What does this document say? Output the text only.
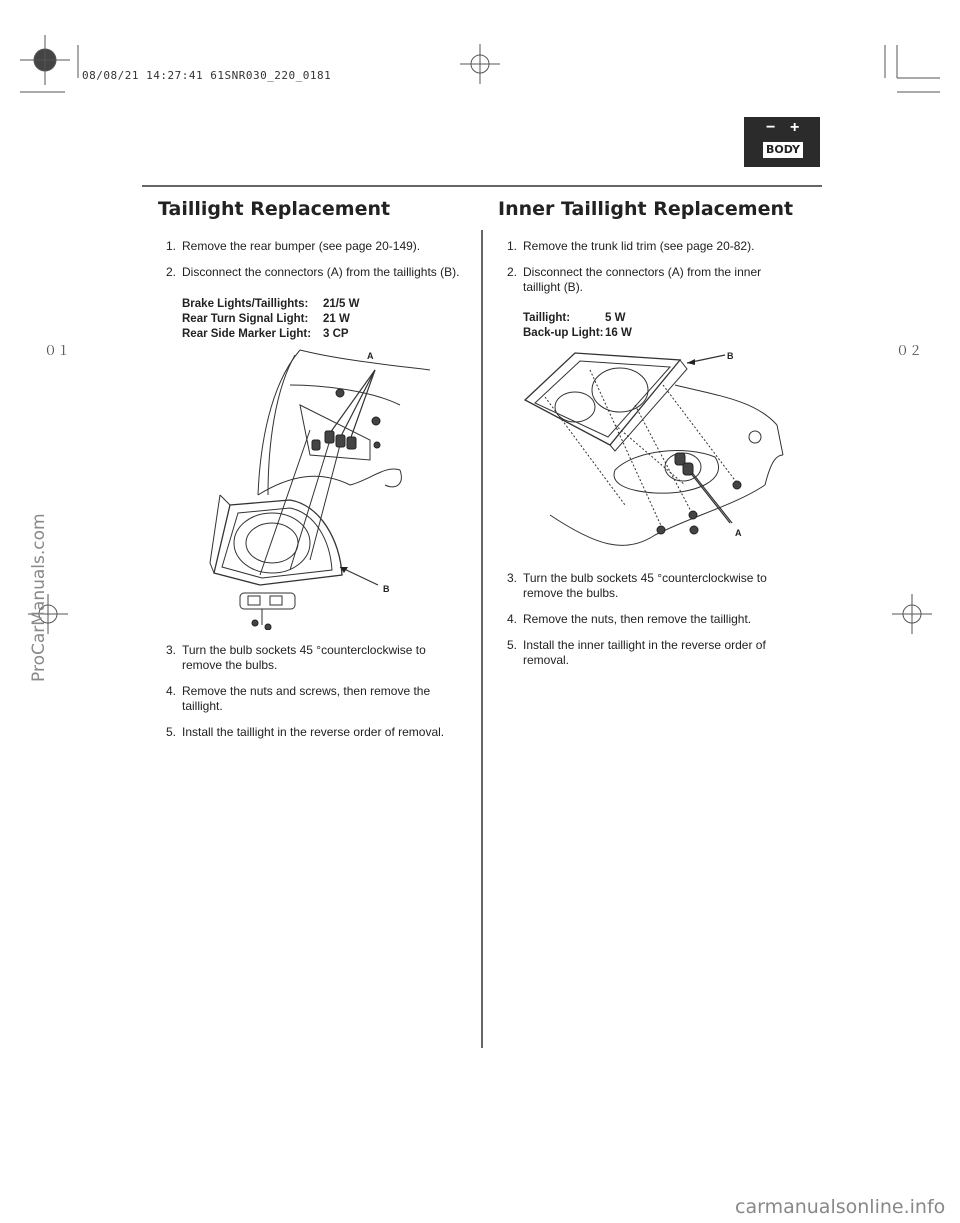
08/08/21 14:27:41 61SNR030_220_0181
− +
BODY
０１	０２
Taillight Replacement	Inner Taillight Replacement
1. Remove the rear bumper (see page 20-149).
2. Disconnect the connectors (A) from the taillights (B).
Brake Lights/Taillights:	21/5 W
Rear Turn Signal Light:	21 W
Rear Side Marker Light:	3 CP
A
B
3. Turn the bulb sockets 45 °counterclockwise to
remove the bulbs.
4. Remove the nuts and screws, then remove the
taillight.
5. Install the taillight in the reverse order of removal.
1. Remove the trunk lid trim (see page 20-82).
2. Disconnect the connectors (A) from the inner
taillight (B).
Taillight:	5 W
Back-up Light:	16 W
B
A
3. Turn the bulb sockets 45 °counterclockwise to
remove the bulbs.
4. Remove the nuts, then remove the taillight.
5. Install the inner taillight in the reverse order of
removal.
ProCarManuals.com
carmanualsonline.info
